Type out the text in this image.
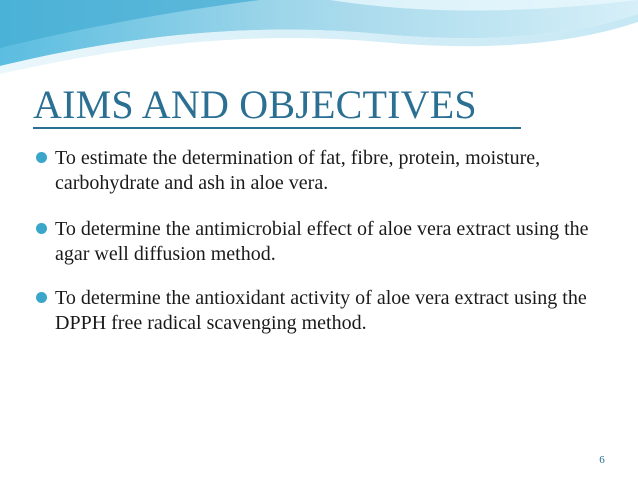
AIMS AND OBJECTIVES
To estimate the determination of fat, fibre, protein, moisture, carbohydrate and ash in aloe vera.
To determine the antimicrobial effect of aloe vera extract using the agar well diffusion method.
To determine the antioxidant activity of aloe vera extract using the DPPH free radical scavenging method.
6
